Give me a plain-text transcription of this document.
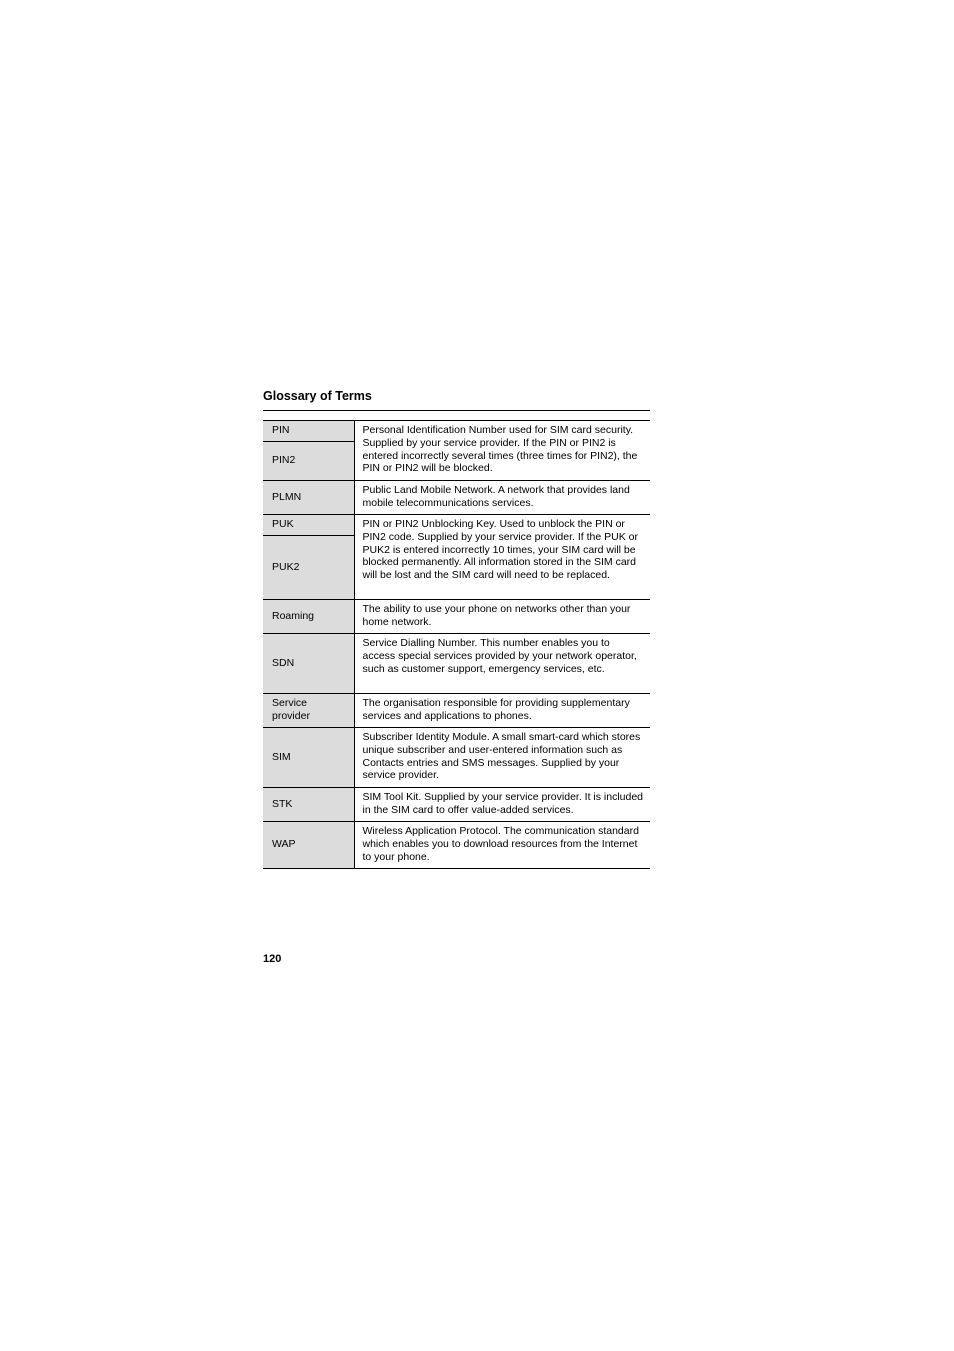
Glossary of Terms
PIN	Personal Identification Number used for SIM card security. Supplied by your service provider. If the PIN or PIN2 is entered incorrectly several times (three times for PIN2), the PIN or PIN2 will be blocked.
PIN2	
PLMN	Public Land Mobile Network. A network that provides land mobile telecommunications services.
PUK	PIN or PIN2 Unblocking Key. Used to unblock the PIN or PIN2 code. Supplied by your service provider. If the PUK or PUK2 is entered incorrectly 10 times, your SIM card will be blocked permanently. All information stored in the SIM card will be lost and the SIM card will need to be replaced.
PUK2	
Roaming	The ability to use your phone on networks other than your home network.
SDN	Service Dialling Number. This number enables you to access special services provided by your network operator, such as customer support, emergency services, etc.
Service provider	The organisation responsible for providing supplementary services and applications to phones.
SIM	Subscriber Identity Module. A small smart-card which stores unique subscriber and user-entered information such as Contacts entries and SMS messages. Supplied by your service provider.
STK	SIM Tool Kit. Supplied by your service provider. It is included in the SIM card to offer value-added services.
WAP	Wireless Application Protocol. The communication standard which enables you to download resources from the Internet to your phone.

120
